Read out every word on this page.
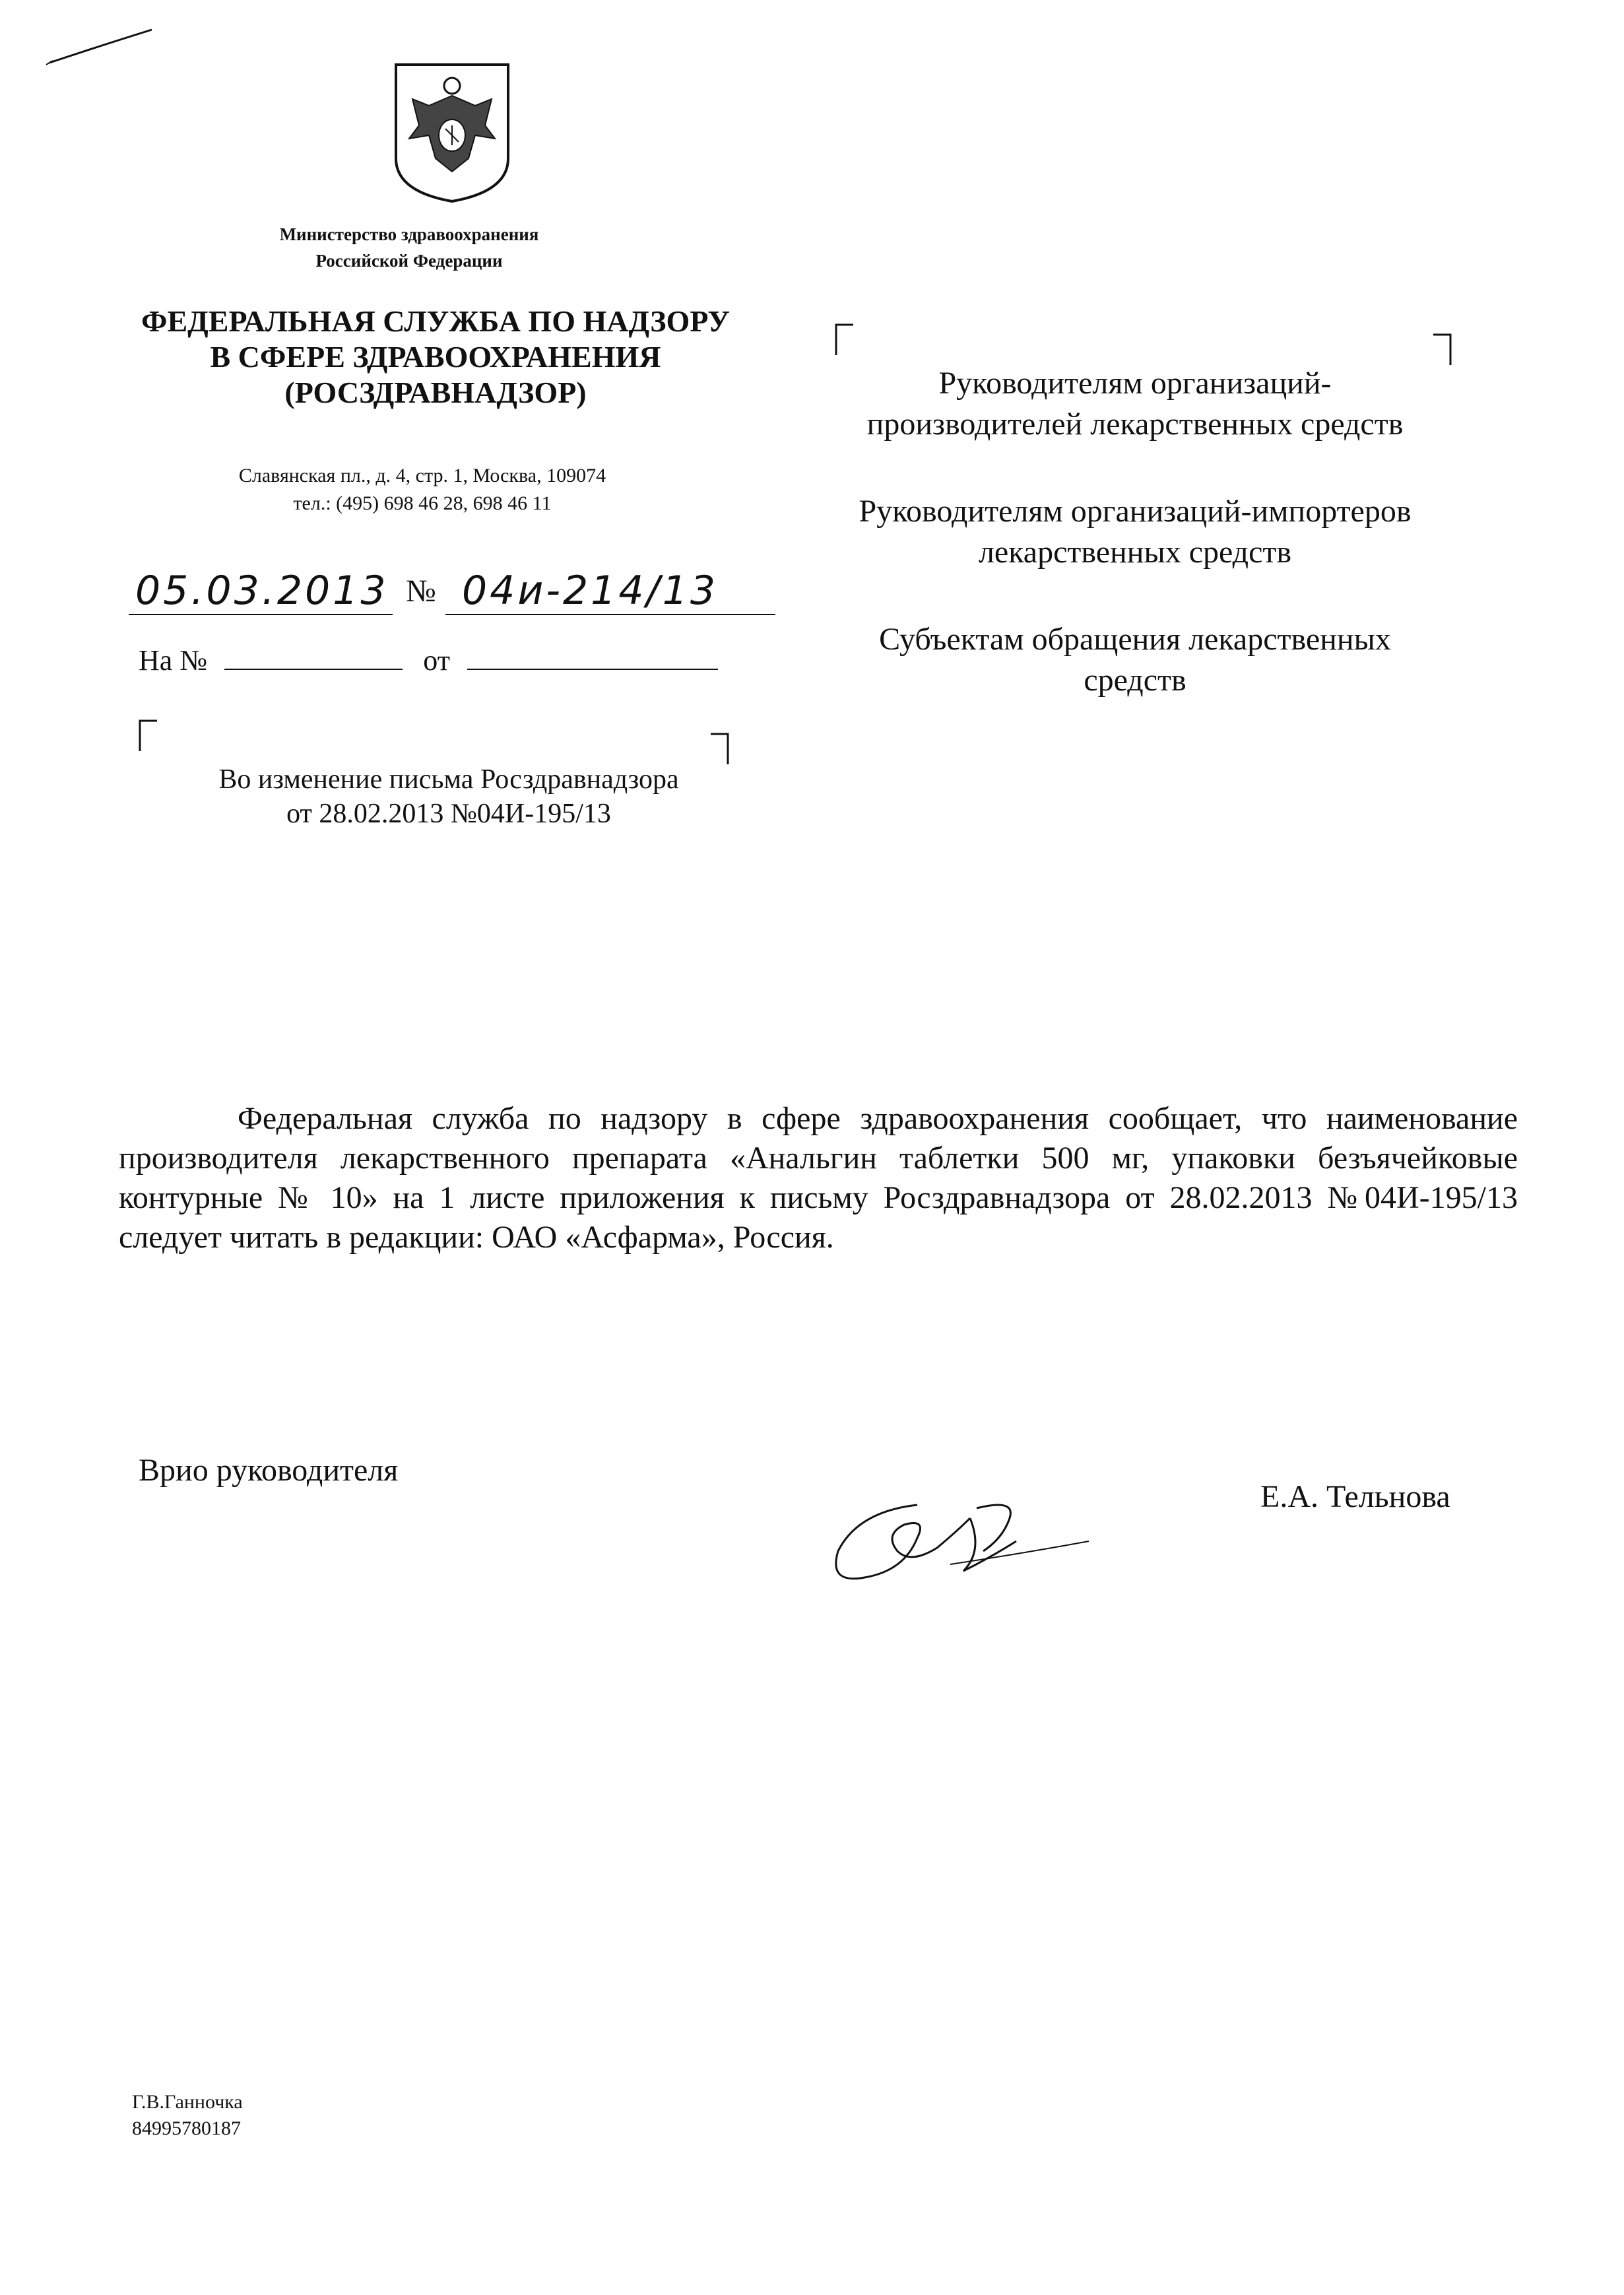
Министерство здравоохранения
Российской Федерации
ФЕДЕРАЛЬНАЯ СЛУЖБА ПО НАДЗОРУ
В СФЕРЕ ЗДРАВООХРАНЕНИЯ
(РОСЗДРАВНАДЗОР)
Славянская пл., д. 4, стр. 1, Москва, 109074
тел.: (495) 698 46 28, 698 46 11
05.03.2013 № 04и-214/13
На №	от
Во изменение письма Росздравнадзора
от 28.02.2013 №04И-195/13

Руководителям организаций-производителей лекарственных средств

Руководителям организаций-импортеров лекарственных средств

Субъектам обращения лекарственных средств

Федеральная служба по надзору в сфере здравоохранения сообщает, что наименование производителя лекарственного препарата «Анальгин таблетки 500 мг, упаковки безъячейковые контурные № 10» на 1 листе приложения к письму Росздравнадзора от 28.02.2013 №04И-195/13 следует читать в редакции: ОАО «Асфарма», Россия.
Врио руководителя
Е.А. Тельнова
Г.В.Ганночка
84995780187
